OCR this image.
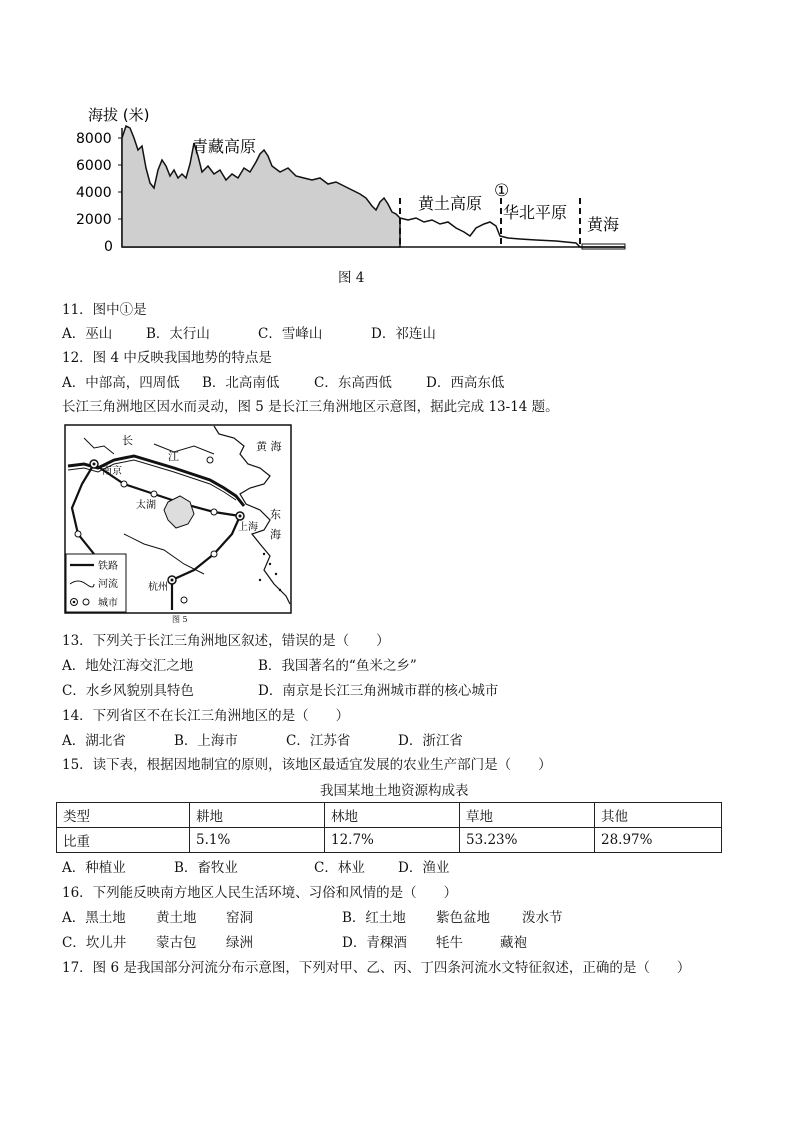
海拔 (米)
8000
6000
4000
2000
0
青藏高原
黄土高原 华北平原
黄海
①
图 4
11．图中①是
A．巫山	B．太行山	C．雪峰山	D．祁连山
12．图 4 中反映我国地势的特点是
A．中部高，四周低 B．北高南低	C．东高西低	D．西高东低
长江三角洲地区因水而灵动，图 5 是长江三角洲地区示意图，据此完成 13-14 题。
长
江
黄 海
南京
太湖
上海
东
海
杭州
铁路
河流
城市
图 5
13．下列关于长江三角洲地区叙述，错误的是（　　）
A．地处江海交汇之地	B．我国著名的“鱼米之乡”
C．水乡风貌别具特色	D．南京是长江三角洲城市群的核心城市
14．下列省区不在长江三角洲地区的是（　　）
A．湖北省	B．上海市	C．江苏省	D．浙江省
15．读下表，根据因地制宜的原则，该地区最适宜发展的农业生产部门是（　　）
我国某地土地资源构成表
类型	耕地	林地	草地	其他
比重	5.1%	12.7%	53.23%	28.97%
A．种植业	B．畜牧业	C．林业 D．渔业
16．下列能反映南方地区人民生活环境、习俗和风情的是（　　）
A．黑土地 黄土地 窑洞	B．红土地 紫色盆地 泼水节
C．坎儿井 蒙古包 绿洲	D．青稞酒 牦牛	藏袍
17．图 6 是我国部分河流分布示意图，下列对甲、乙、丙、丁四条河流水文特征叙述，正确的是（　　）
